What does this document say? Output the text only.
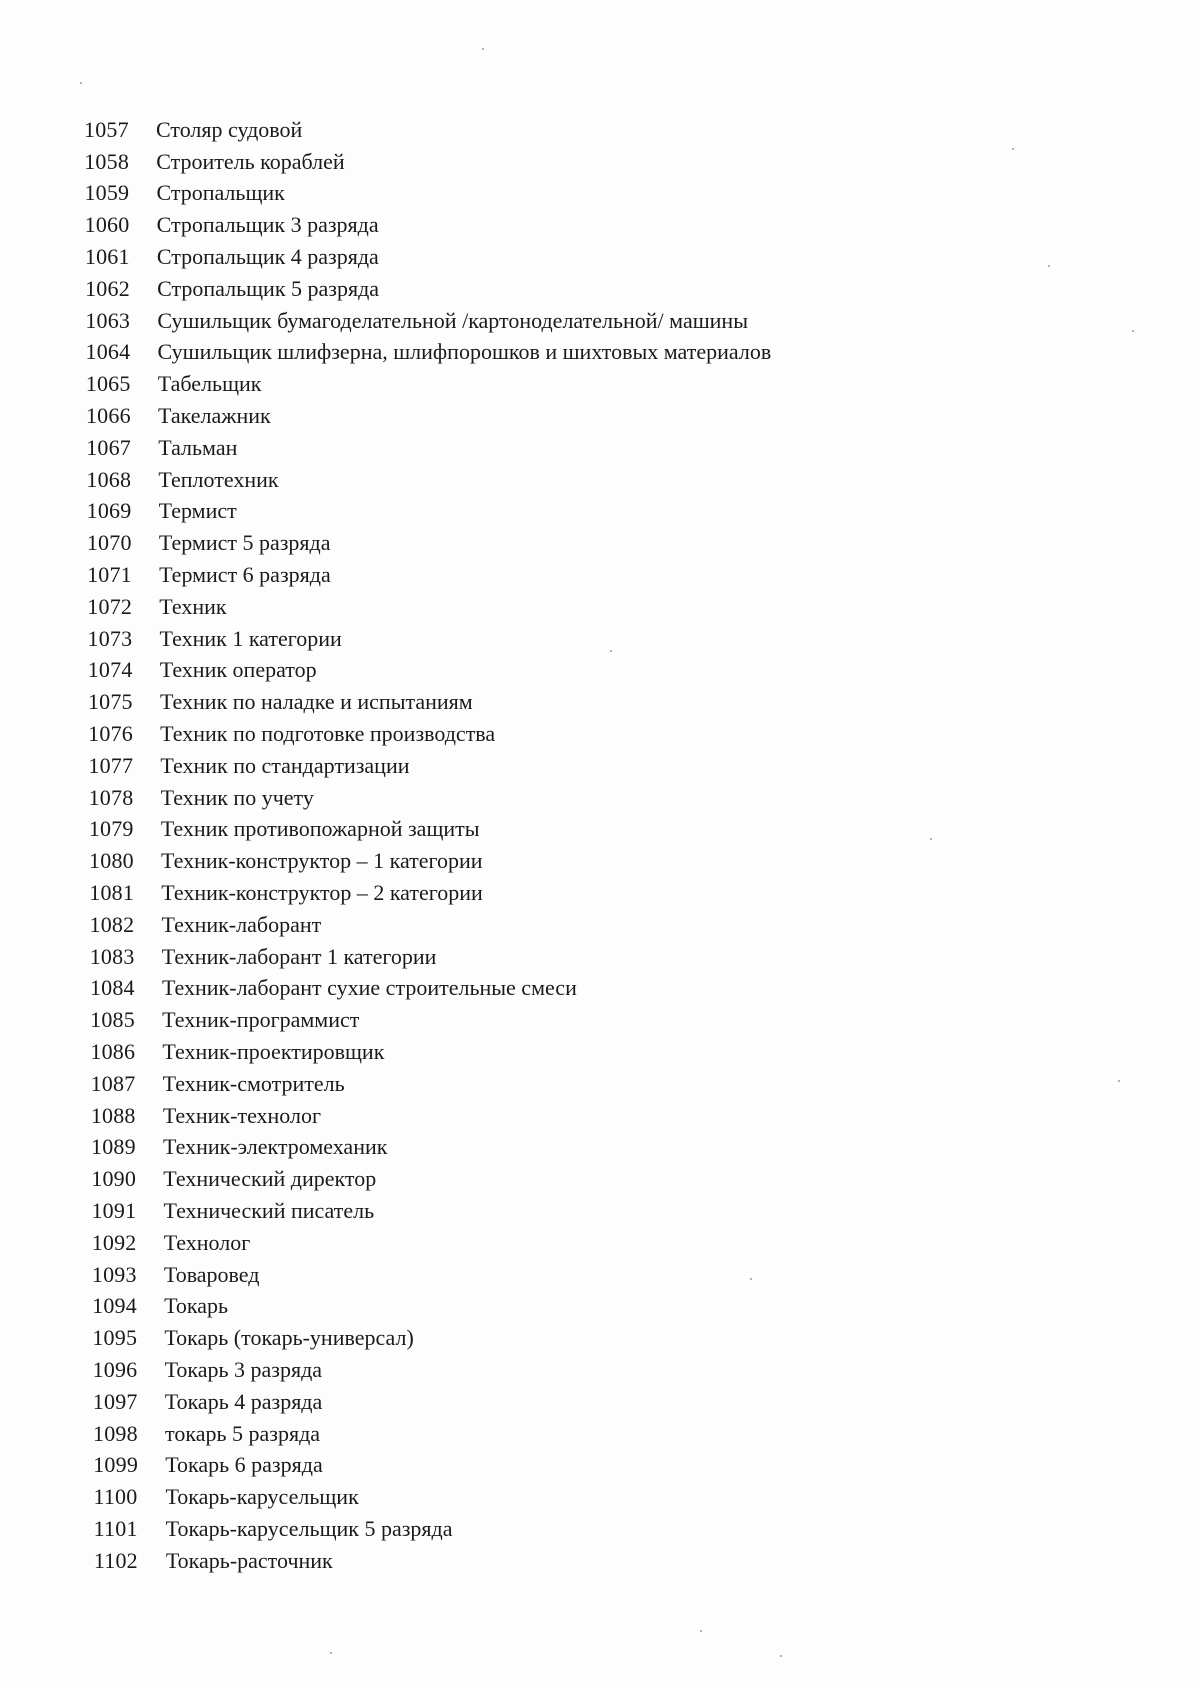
1057	Столяр судовой
1058	Строитель кораблей
1059	Стропальщик
1060	Стропальщик 3 разряда
1061	Стропальщик 4 разряда
1062	Стропальщик 5 разряда
1063	Сушильщик бумагоделательной /картоноделательной/ машины
1064	Сушильщик шлифзерна, шлифпорошков и шихтовых материалов
1065	Табельщик
1066	Такелажник
1067	Тальман
1068	Теплотехник
1069	Термист
1070	Термист 5 разряда
1071	Термист 6 разряда
1072	Техник
1073	Техник 1 категории
1074	Техник оператор
1075	Техник по наладке и испытаниям
1076	Техник по подготовке производства
1077	Техник по стандартизации
1078	Техник по учету
1079	Техник противопожарной защиты
1080	Техник-конструктор – 1 категории
1081	Техник-конструктор – 2 категории
1082	Техник-лаборант
1083	Техник-лаборант 1 категории
1084	Техник-лаборант сухие строительные смеси
1085	Техник-программист
1086	Техник-проектировщик
1087	Техник-смотритель
1088	Техник-технолог
1089	Техник-электромеханик
1090	Технический директор
1091	Технический писатель
1092	Технолог
1093	Товаровед
1094	Токарь
1095	Токарь (токарь-универсал)
1096	Токарь 3 разряда
1097	Токарь 4 разряда
1098	токарь 5 разряда
1099	Токарь 6 разряда
1100	Токарь-карусельщик
1101	Токарь-карусельщик 5 разряда
1102	Токарь-расточник
